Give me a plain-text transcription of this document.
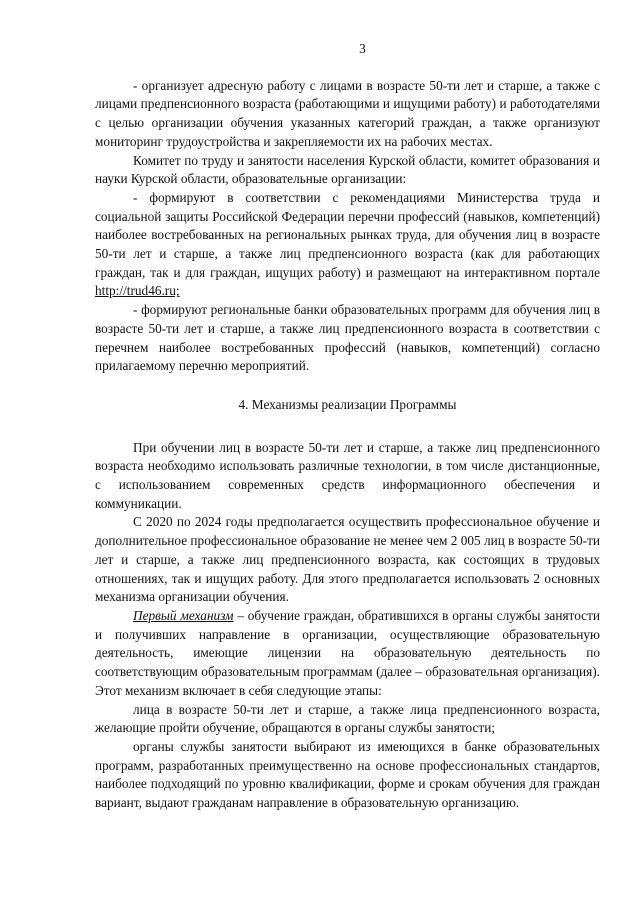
3

- организует адресную работу с лицами в возрасте 50-ти лет и старше, а также с лицами предпенсионного возраста (работающими и ищущими работу) и работодателями с целью организации обучения указанных категорий граждан, а также организуют мониторинг трудоустройства и закрепляемости их на рабочих местах.

Комитет по труду и занятости населения Курской области, комитет образования и науки Курской области, образовательные организации:

- формируют в соответствии с рекомендациями Министерства труда и социальной защиты Российской Федерации перечни профессий (навыков, компетенций) наиболее востребованных на региональных рынках труда, для обучения лиц в возрасте 50-ти лет и старше, а также лиц предпенсионного возраста (как для работающих граждан, так и для граждан, ищущих работу) и размещают на интерактивном портале http://trud46.ru;

- формируют региональные банки образовательных программ для обучения лиц в возрасте 50-ти лет и старше, а также лиц предпенсионного возраста в соответствии с перечнем наиболее востребованных профессий (навыков, компетенций) согласно прилагаемому перечню мероприятий.

4. Механизмы реализации Программы

При обучении лиц в возрасте 50-ти лет и старше, а также лиц предпенсионного возраста необходимо использовать различные технологии, в том числе дистанционные, с использованием современных средств информационного обеспечения и коммуникации.

С 2020 по 2024 годы предполагается осуществить профессиональное обучение и дополнительное профессиональное образование не менее чем 2 005 лиц в возрасте 50-ти лет и старше, а также лиц предпенсионного возраста, как состоящих в трудовых отношениях, так и ищущих работу. Для этого предполагается использовать 2 основных механизма организации обучения.

Первый механизм – обучение граждан, обратившихся в органы службы занятости и получивших направление в организации, осуществляющие образовательную деятельность, имеющие лицензии на образовательную деятельность по соответствующим образовательным программам (далее – образовательная организация). Этот механизм включает в себя следующие этапы:

лица в возрасте 50-ти лет и старше, а также лица предпенсионного возраста, желающие пройти обучение, обращаются в органы службы занятости;

органы службы занятости выбирают из имеющихся в банке образовательных программ, разработанных преимущественно на основе профессиональных стандартов, наиболее подходящий по уровню квалификации, форме и срокам обучения для граждан вариант, выдают гражданам направление в образовательную организацию.
